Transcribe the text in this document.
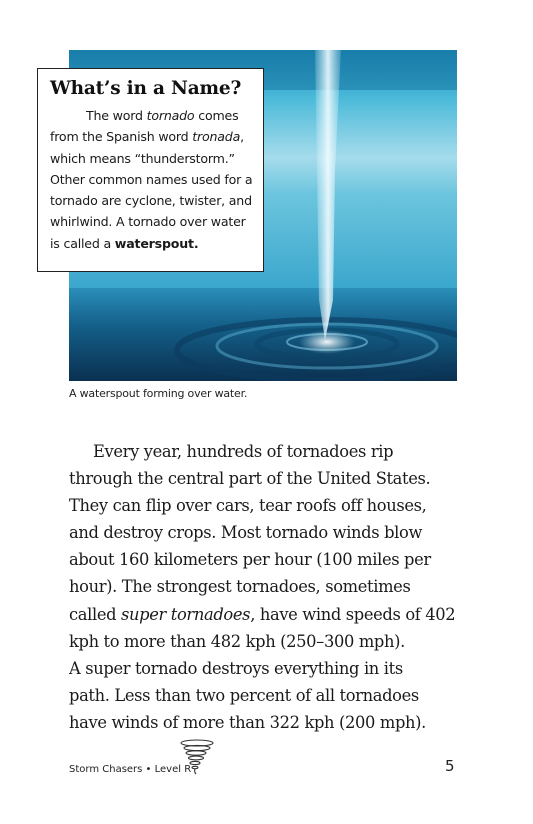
What’s in a Name?

The word tornado comes from the Spanish word tronada, which means “thunderstorm.” Other common names used for a tornado are cyclone, twister, and whirlwind. A tornado over water is called a waterspout.

A waterspout forming over water.
Every year, hundreds of tornadoes rip
through the central part of the United States.
They can flip over cars, tear roofs off houses,
and destroy crops. Most tornado winds blow
about 160 kilometers per hour (100 miles per
hour). The strongest tornadoes, sometimes
called super tornadoes, have wind speeds of 402
kph to more than 482 kph (250–300 mph).
A super tornado destroys everything in its
path. Less than two percent of all tornadoes
have winds of more than 322 kph (200 mph).
Storm Chasers • Level R	5
